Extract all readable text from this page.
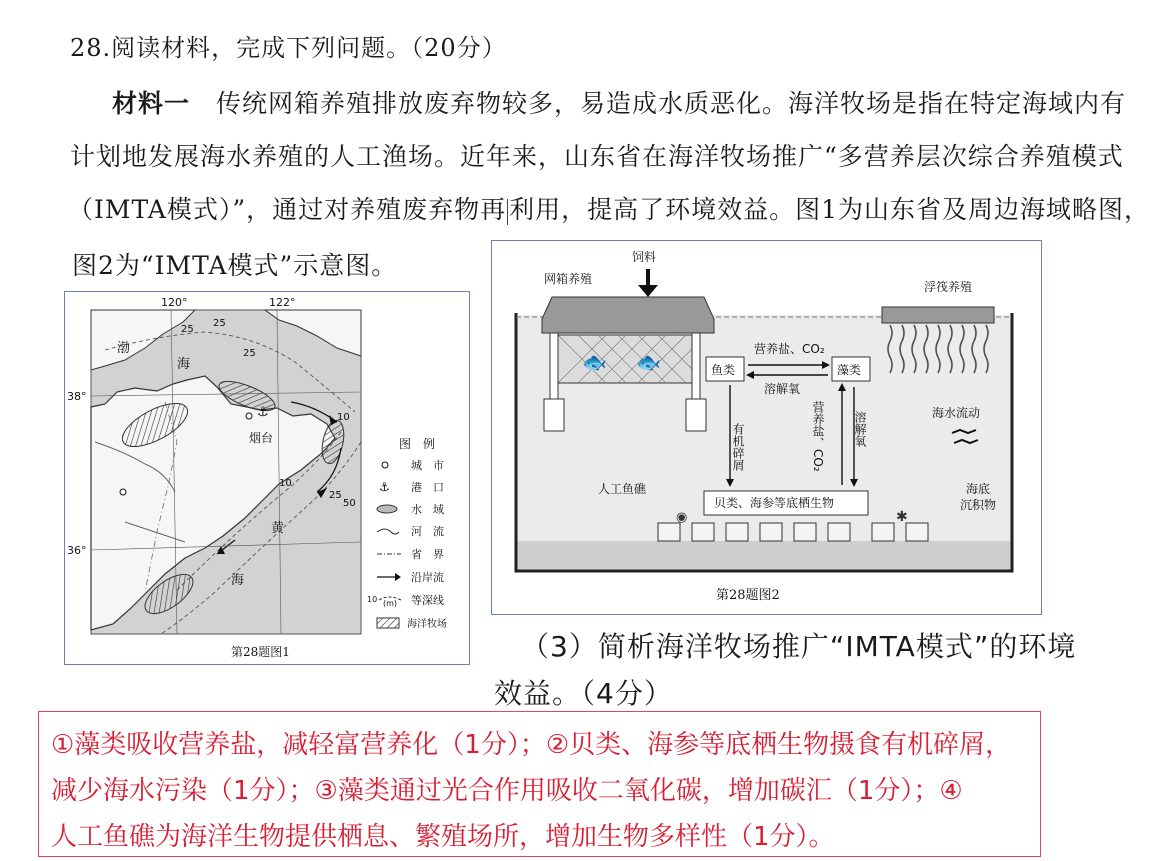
28.阅读材料，完成下列问题。（20分）
材料一　 传统网箱养殖排放废弃物较多，易造成水质恶化。海洋牧场是指在特定海域内有
计划地发展海水养殖的人工渔场。近年来，山东省在海洋牧场推广“多营养层次综合养殖模式
（IMTA模式）”，通过对养殖废弃物再 利用，提高了环境效益。图1为山东省及周边海域略图，
图2为“IMTA模式”示意图。
⚓
120°	122°
38°
36°
渤
海
黄
海
25
25
25
10
10
25
50
烟台	图　例
城　市
⚓ 港　口
水　域
河　流
省　界
沿岸流
10 (m) 等深线
海洋牧场
第28题图1
🐟 🐟
◉	✱
饲料
网箱养殖
浮筏养殖
鱼类	藻类
营养盐、CO₂
溶解氧
有机碎屑	营养盐、CO₂ 溶解氧	海水流动
人工鱼礁
贝类、海参等底栖生物
海底
沉积物
第28题图2
（3）简析海洋牧场推广“IMTA模式”的环境
效益。（4分）
①藻类吸收营养盐，减轻富营养化（1分）；②贝类、海参等底栖生物摄食有机碎屑，
减少海水污染（1分）；③藻类通过光合作用吸收二氧化碳，增加碳汇（1分）；④
人工鱼礁为海洋生物提供栖息、繁殖场所，增加生物多样性（1分）。
